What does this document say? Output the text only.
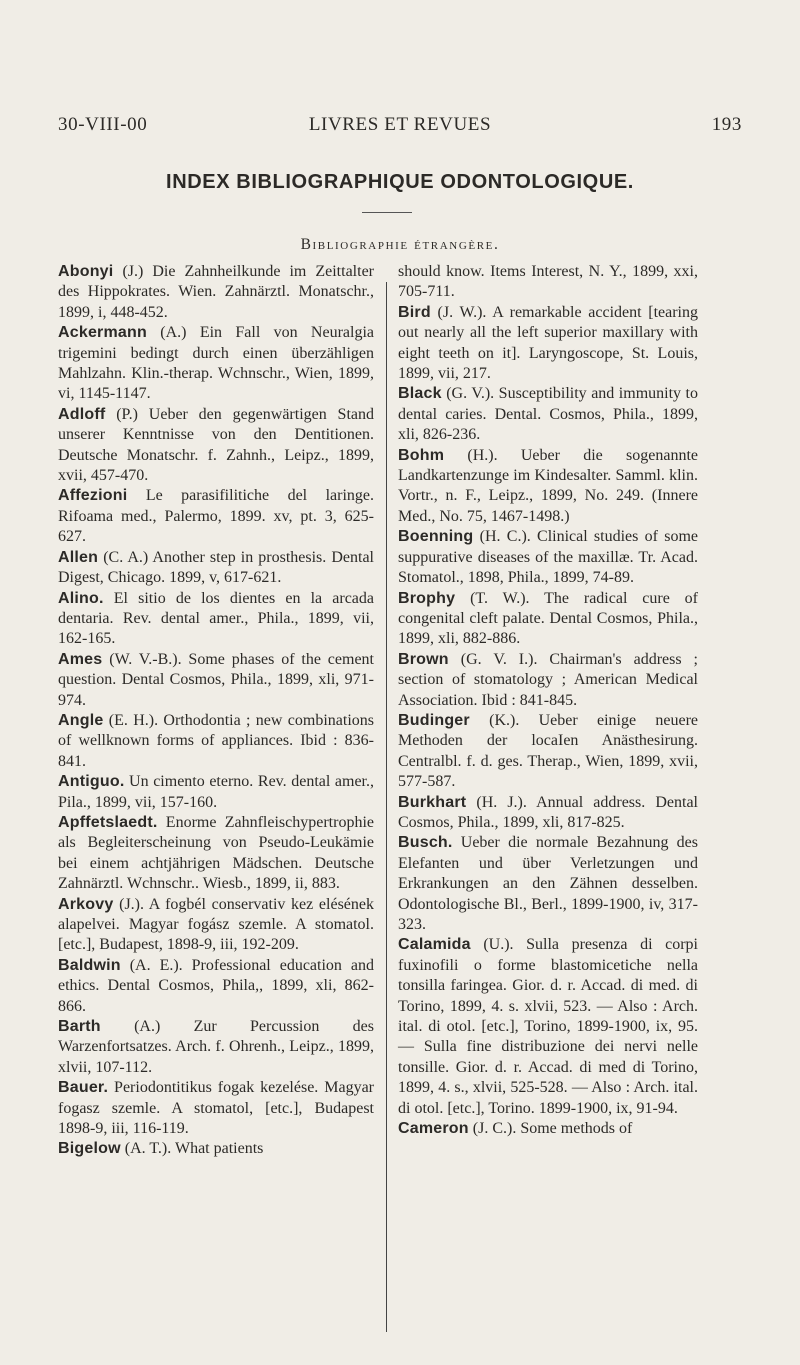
30-VIII-00	LIVRES ET REVUES	193
INDEX BIBLIOGRAPHIQUE ODONTOLOGIQUE.
Bibliographie étrangère.

Abonyi (J.) Die Zahnheilkunde im Zeittalter des Hippokrates. Wien. Zahnärztl. Monatschr., 1899, i, 448-452.

Ackermann (A.) Ein Fall von Neuralgia trigemini bedingt durch einen überzähligen Mahlzahn. Klin.-therap. Wchnschr., Wien, 1899, vi, 1145-1147.

Adloff (P.) Ueber den gegenwärtigen Stand unserer Kenntnisse von den Dentitionen. Deutsche Monatschr. f. Zahnh., Leipz., 1899, xvii, 457-470.

Affezioni Le parasifilitiche del laringe. Rifoama med., Palermo, 1899. xv, pt. 3, 625-627.

Allen (C. A.) Another step in prosthesis. Dental Digest, Chicago. 1899, v, 617-621.

Alino. El sitio de los dientes en la arcada dentaria. Rev. dental amer., Phila., 1899, vii, 162-165.

Ames (W. V.-B.). Some phases of the cement question. Dental Cosmos, Phila., 1899, xli, 971-974.

Angle (E. H.). Orthodontia ; new combinations of wellknown forms of appliances. Ibid : 836-841.

Antiguo. Un cimento eterno. Rev. dental amer., Pila., 1899, vii, 157-160.

Apffetslaedt. Enorme Zahnfleischypertrophie als Begleiterscheinung von Pseudo-Leukämie bei einem achtjährigen Mädschen. Deutsche Zahnärztl. Wchnschr.. Wiesb., 1899, ii, 883.

Arkovy (J.). A fogbél conservativ kez elésének alapelvei. Magyar fogász szemle. A stomatol. [etc.], Budapest, 1898-9, iii, 192-209.

Baldwin (A. E.). Professional education and ethics. Dental Cosmos, Phila,, 1899, xli, 862-866.

Barth (A.) Zur Percussion des Warzenfortsatzes. Arch. f. Ohrenh., Leipz., 1899, xlvii, 107-112.

Bauer. Periodontitikus fogak kezelése. Magyar fogasz szemle. A stomatol, [etc.], Budapest 1898-9, iii, 116-119.

Bigelow (A. T.). What patients

should know. Items Interest, N. Y., 1899, xxi, 705-711.

Bird (J. W.). A remarkable accident [tearing out nearly all the left superior maxillary with eight teeth on it]. Laryngoscope, St. Louis, 1899, vii, 217.

Black (G. V.). Susceptibility and immunity to dental caries. Dental. Cosmos, Phila., 1899, xli, 826-236.

Bohm (H.). Ueber die sogenannte Landkartenzunge im Kindesalter. Samml. klin. Vortr., n. F., Leipz., 1899, No. 249. (Innere Med., No. 75, 1467-1498.)

Boenning (H. C.). Clinical studies of some suppurative diseases of the maxillæ. Tr. Acad. Stomatol., 1898, Phila., 1899, 74-89.

Brophy (T. W.). The radical cure of congenital cleft palate. Dental Cosmos, Phila., 1899, xli, 882-886.

Brown (G. V. I.). Chairman's address ; section of stomatology ; American Medical Association. Ibid : 841-845.

Budinger (K.). Ueber einige neuere Methoden der locaIen Anästhesirung. Centralbl. f. d. ges. Therap., Wien, 1899, xvii, 577-587.

Burkhart (H. J.). Annual address. Dental Cosmos, Phila., 1899, xli, 817-825.

Busch. Ueber die normale Bezahnung des Elefanten und über Verletzungen und Erkrankungen an den Zähnen desselben. Odontologische Bl., Berl., 1899-1900, iv, 317-323.

Calamida (U.). Sulla presenza di corpi fuxinofili o forme blastomicetiche nella tonsilla faringea. Gior. d. r. Accad. di med. di Torino, 1899, 4. s. xlvii, 523. — Also : Arch. ital. di otol. [etc.], Torino, 1899-1900, ix, 95. — Sulla fine distribuzione dei nervi nelle tonsille. Gior. d. r. Accad. di med di Torino, 1899, 4. s., xlvii, 525-528. — Also : Arch. ital. di otol. [etc.], Torino. 1899-1900, ix, 91-94.

Cameron (J. C.). Some methods of
